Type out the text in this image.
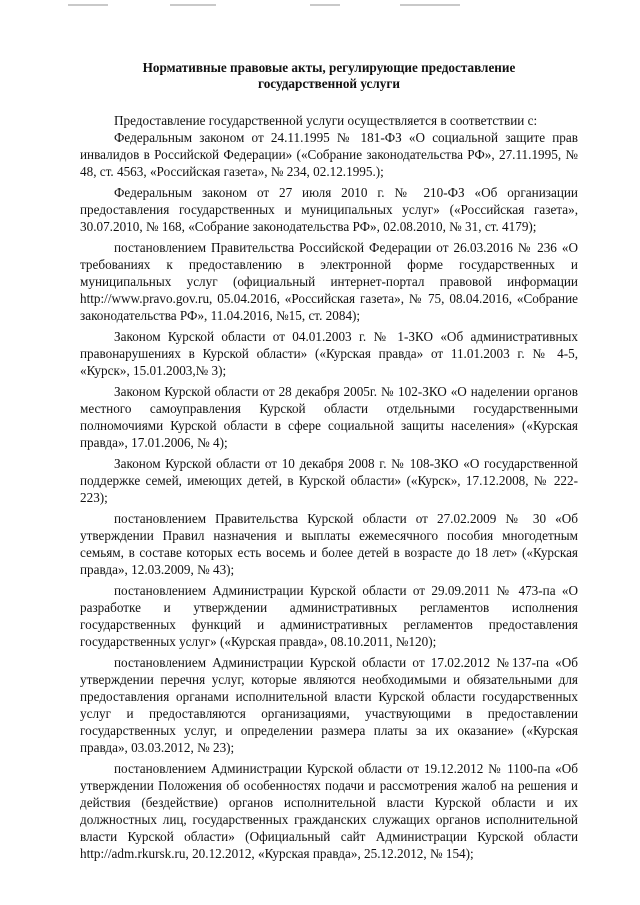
Нормативные правовые акты, регулирующие предоставление
государственной услуги

Предоставление государственной услуги осуществляется в соответствии с:

Федеральным законом от 24.11.1995 № 181-ФЗ «О социальной защите прав инвалидов в Российской Федерации» («Собрание законодательства РФ», 27.11.1995, № 48, ст. 4563, «Российская газета», № 234, 02.12.1995.);

Федеральным законом от 27 июля 2010 г. № 210-ФЗ «Об организации предоставления государственных и муниципальных услуг» («Российская газета», 30.07.2010, № 168, «Собрание законодательства РФ», 02.08.2010, № 31, ст. 4179);

постановлением Правительства Российской Федерации от 26.03.2016 № 236 «О требованиях к предоставлению в электронной форме государственных и муниципальных услуг (официальный интернет-портал правовой информации http://www.pravo.gov.ru, 05.04.2016, «Российская газета», № 75, 08.04.2016, «Собрание законодательства РФ», 11.04.2016, №15, ст. 2084);

Законом Курской области от 04.01.2003 г. № 1-ЗКО «Об административных правонарушениях в Курской области» («Курская правда» от 11.01.2003 г. № 4-5, «Курск», 15.01.2003,№ 3);

Законом Курской области от 28 декабря 2005г. № 102-ЗКО «О наделении органов местного самоуправления Курской области отдельными государственными полномочиями Курской области в сфере социальной защиты населения» («Курская правда», 17.01.2006, № 4);

Законом Курской области от 10 декабря 2008 г. № 108-ЗКО «О государственной поддержке семей, имеющих детей, в Курской области» («Курск», 17.12.2008, № 222-223);

постановлением Правительства Курской области от 27.02.2009 № 30 «Об утверждении Правил назначения и выплаты ежемесячного пособия многодетным семьям, в составе которых есть восемь и более детей в возрасте до 18 лет» («Курская правда», 12.03.2009, № 43);

постановлением Администрации Курской области от 29.09.2011 № 473-па «О разработке и утверждении административных регламентов исполнения государственных функций и административных регламентов предоставления государственных услуг» («Курская правда», 08.10.2011, №120);

постановлением Администрации Курской области от 17.02.2012 №137-па «Об утверждении перечня услуг, которые являются необходимыми и обязательными для предоставления органами исполнительной власти Курской области государственных услуг и предоставляются организациями, участвующими в предоставлении государственных услуг, и определении размера платы за их оказание» («Курская правда», 03.03.2012, № 23);

постановлением Администрации Курской области от 19.12.2012 № 1100-па «Об утверждении Положения об особенностях подачи и рассмотрения жалоб на решения и действия (бездействие) органов исполнительной власти Курской области и их должностных лиц, государственных гражданских служащих органов исполнительной власти Курской области» (Официальный сайт Администрации Курской области http://adm.rkursk.ru, 20.12.2012, «Курская правда», 25.12.2012, № 154);
